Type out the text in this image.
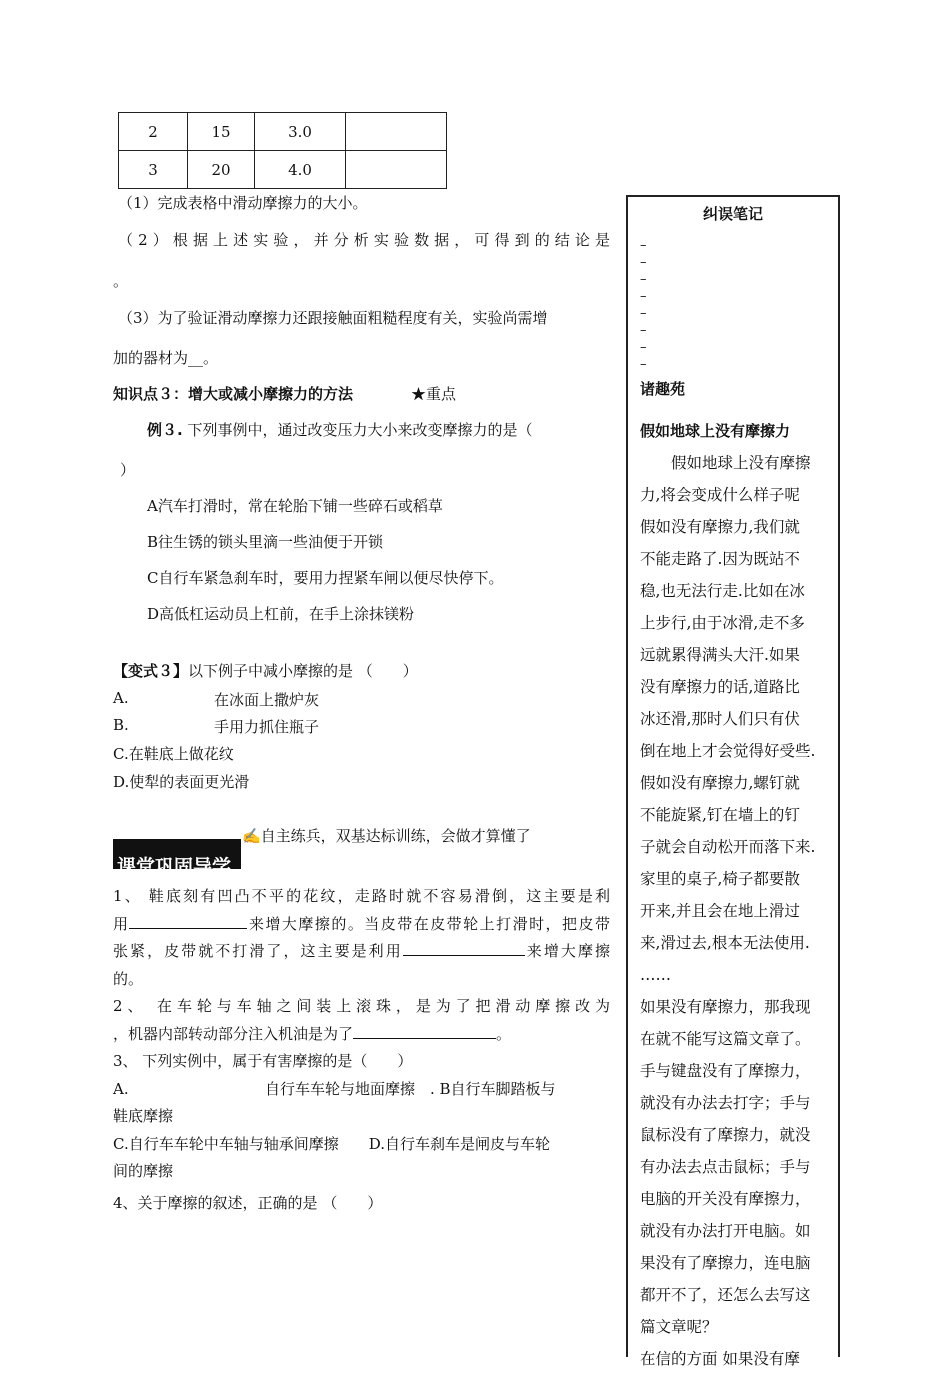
2	15	3.0	
3	20	4.0	
（1）完成表格中滑动摩擦力的大小。
（2）根据上述实验，并分析实验数据，可得到的结论是
。
（3）为了验证滑动摩擦力还跟接触面粗糙程度有关，实验尚需增
加的器材为__。
知识点３：增大或减小摩擦力的方法	★重点
例３. 下列事例中，通过改变压力大小来改变摩擦力的是（
）
A汽车打滑时，常在轮胎下铺一些碎石或稻草
B往生锈的锁头里滴一些油便于开锁
C自行车紧急刹车时，要用力捏紧车闸以便尽快停下。
D高低杠运动员上杠前，在手上涂抹镁粉
【变式３】以下例子中减小摩擦的是 （　　）
A.	在冰面上撒炉灰
B.	手用力抓住瓶子
C.在鞋底上做花纹
D.使犁的表面更光滑
✍自主练兵，双基达标训练，会做才算懂了
课堂巩固导学

1、 鞋底刻有凹凸不平的花纹，走路时就不容易滑倒，这主要是利

用	来增大摩擦的。当皮带在皮带轮上打滑时，把皮带

张紧，皮带就不打滑了，这主要是利用	来增大摩擦

的。

2、 在车轮与车轴之间装上滚珠，是为了把滑动摩擦改为

，机器内部转动部分注入机油是为了	。

3、 下列实例中，属于有害摩擦的是（　　）

A.	自行车车轮与地面摩擦　. B自行车脚踏板与

鞋底摩擦

C.自行车车轮中车轴与轴承间摩擦　　D.自行车刹车是闸皮与车轮

间的摩擦

4、关于摩擦的叙述，正确的是 （　　）
纠误笔记
–
–
–
–
–
–
–
–
诸趣苑
假如地球上没有摩擦力

　　假如地球上没有摩擦

力,将会变成什么样子呢

假如没有摩擦力,我们就

不能走路了.因为既站不

稳,也无法行走.比如在冰

上步行,由于冰滑,走不多

远就累得满头大汗.如果

没有摩擦力的话,道路比

冰还滑,那时人们只有伏

倒在地上才会觉得好受些.

假如没有摩擦力,螺钉就

不能旋紧,钉在墙上的钉

子就会自动松开而落下来.

家里的桌子,椅子都要散

开来,并且会在地上滑过

来,滑过去,根本无法使用.

……

如果没有摩擦力，那我现

在就不能写这篇文章了。

手与键盘没有了摩擦力，

就没有办法去打字；手与

鼠标没有了摩擦力，就没

有办法去点击鼠标；手与

电脑的开关没有摩擦力，

就没有办法打开电脑。如

果没有了摩擦力，连电脑

都开不了，还怎么去写这

篇文章呢？

在信的方面 如果没有摩
